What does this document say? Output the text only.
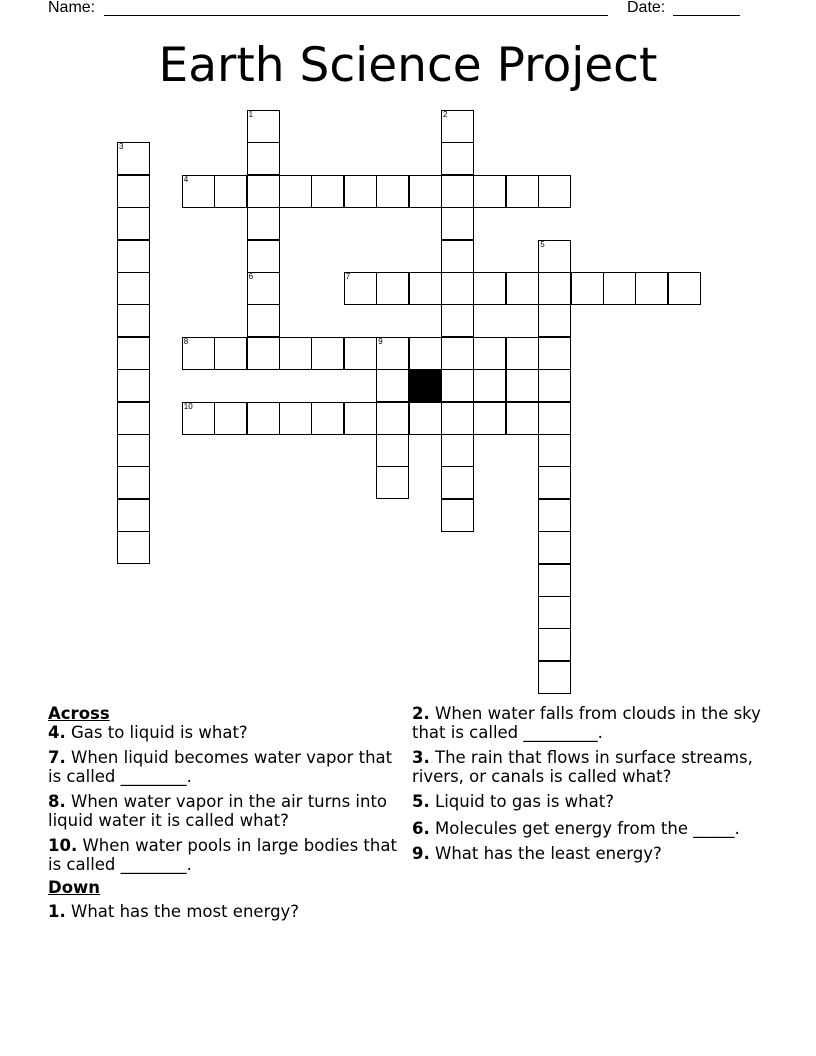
Name:	Date:
Earth Science Project
3
1
6
2
4
5
7
8	9
10
Across
4. Gas to liquid is what?
7. When liquid becomes water vapor that is called ________.
8. When water vapor in the air turns into liquid water it is called what?
10. When water pools in large bodies that is called ________.
Down
1. What has the most energy?
2. When water falls from clouds in the sky that is called _________.
3. The rain that flows in surface streams, rivers, or canals is called what?
5. Liquid to gas is what?
6. Molecules get energy from the _____.
9. What has the least energy?
